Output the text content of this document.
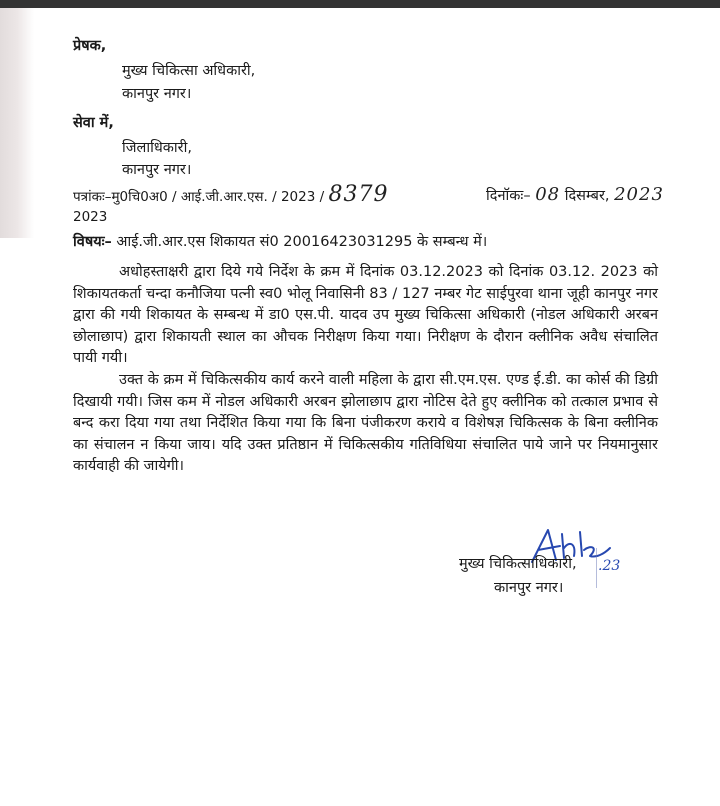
प्रेषक,
मुख्य चिकित्सा अधिकारी,
कानपुर नगर।
सेवा में,
जिलाधिकारी,
कानपुर नगर।
पत्रांकः–मु0चि0अ0 / आई.जी.आर.एस. / 2023 / 8379
2023
दिनॉकः– 08 दिसम्बर, 2023
विषयः– आई.जी.आर.एस शिकायत सं0 20016423031295 के सम्बन्ध में।

अधोहस्ताक्षरी द्वारा दिये गये निर्देश के क्रम में दिनांक 03.12.2023 को दिनांक 03.12. 2023 को शिकायतकर्ता चन्दा कनौजिया पत्नी स्व0 भोलू निवासिनी 83 / 127 नम्बर गेट साईपुरवा थाना जूही कानपुर नगर द्वारा की गयी शिकायत के सम्बन्ध में डा0 एस.पी. यादव उप मुख्य चिकित्सा अधिकारी (नोडल अधिकारी अरबन छोलाछाप) द्वारा शिकायती स्थाल का औचक निरीक्षण किया गया। निरीक्षण के दौरान क्लीनिक अवैध संचालित पायी गयी।

उक्त के क्रम में चिकित्सकीय कार्य करने वाली महिला के द्वारा सी.एम.एस. एण्ड ई.डी. का कोर्स की डिग्री दिखायी गयी। जिस कम में नोडल अधिकारी अरबन झोलाछाप द्वारा नोटिस देते हुए क्लीनिक को तत्काल प्रभाव से बन्द करा दिया गया तथा निर्देशित किया गया कि बिना पंजीकरण कराये व विशेषज्ञ चिकित्सक के बिना क्लीनिक का संचालन न किया जाय। यदि उक्त प्रतिष्ठान में चिकित्सकीय गतिविधिया संचालित पाये जाने पर नियमानुसार कार्यवाही की जायेगी।

.23
मुख्य चिकित्साधिकारी,
कानपुर नगर।
